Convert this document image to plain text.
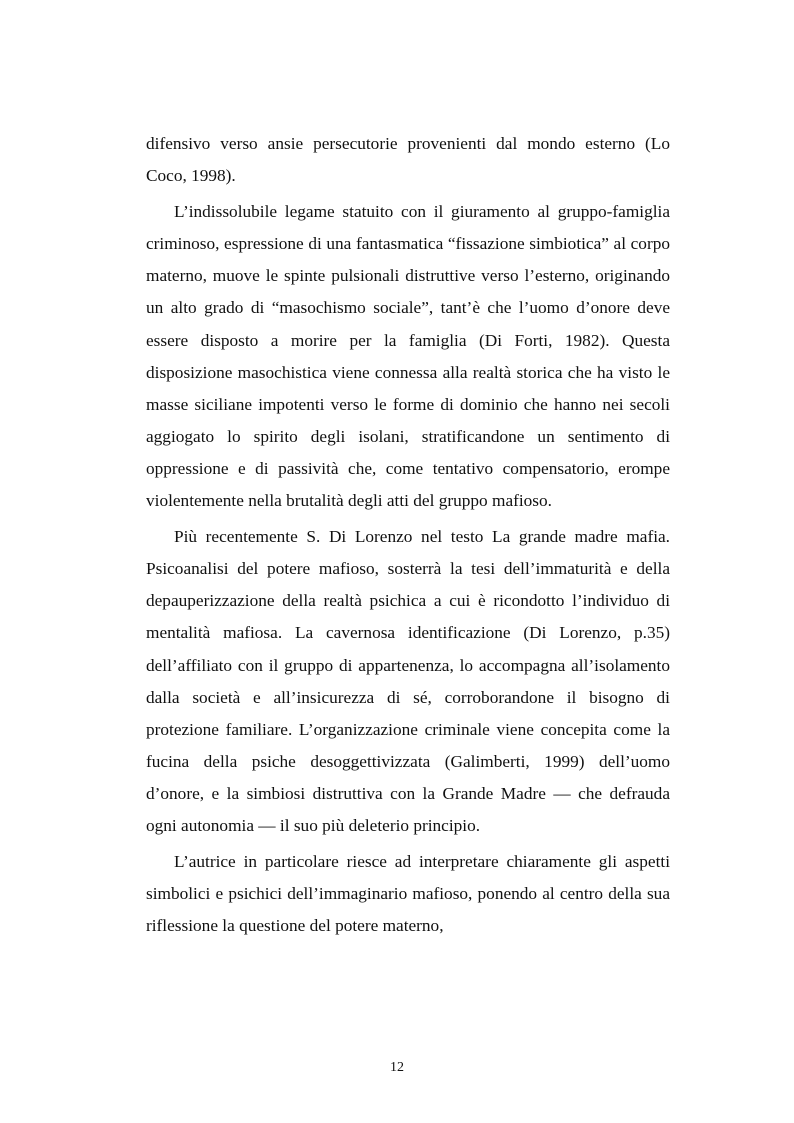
difensivo verso ansie persecutorie provenienti dal mondo esterno (Lo Coco, 1998).

L’indissolubile legame statuito con il giuramento al gruppo-famiglia criminoso, espressione di una fantasmatica “fissazione simbiotica” al corpo materno, muove le spinte pulsionali distruttive verso l’esterno, originando un alto grado di “masochismo sociale”, tant’è che l’uomo d’onore deve essere disposto a morire per la famiglia (Di Forti, 1982). Questa disposizione masochistica viene connessa alla realtà storica che ha visto le masse siciliane impotenti verso le forme di dominio che hanno nei secoli aggiogato lo spirito degli isolani, stratificandone un sentimento di oppressione e di passività che, come tentativo compensatorio, erompe violentemente nella brutalità degli atti del gruppo mafioso.

Più recentemente S. Di Lorenzo nel testo La grande madre mafia. Psicoanalisi del potere mafioso, sosterrà la tesi dell’immaturità e della depauperizzazione della realtà psichica a cui è ricondotto l’individuo di mentalità mafiosa. La cavernosa identificazione (Di Lorenzo, p.35) dell’affiliato con il gruppo di appartenenza, lo accompagna all’isolamento dalla società e all’insicurezza di sé, corroborandone il bisogno di protezione familiare. L’organizzazione criminale viene concepita come la fucina della psiche desoggettivizzata (Galimberti, 1999) dell’uomo d’onore, e la simbiosi distruttiva con la Grande Madre — che defrauda ogni autonomia — il suo più deleterio principio.

L’autrice in particolare riesce ad interpretare chiaramente gli aspetti simbolici e psichici dell’immaginario mafioso, ponendo al centro della sua riflessione la questione del potere materno,

12
